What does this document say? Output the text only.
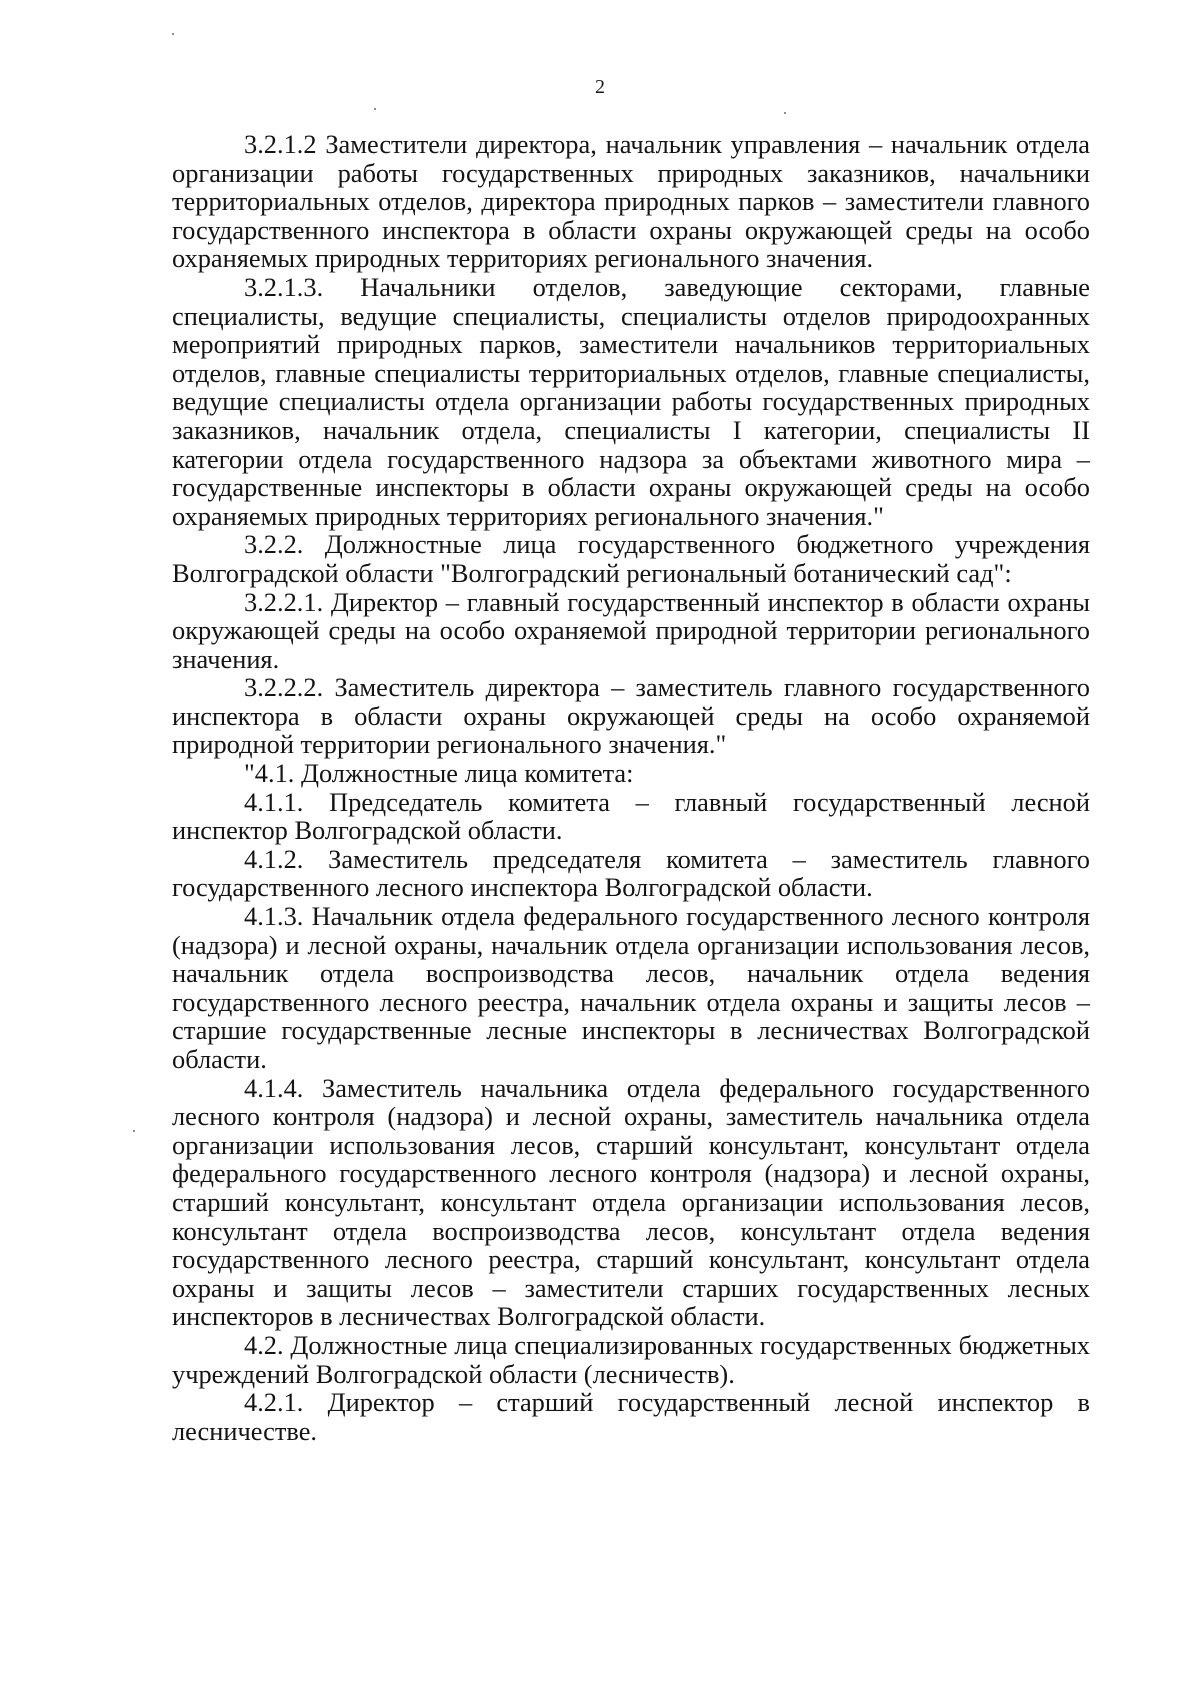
2

3.2.1.2 Заместители директора, начальник управления – начальник отдела организации работы государственных природных заказников, начальники территориальных отделов, директора природных парков – заместители главного государственного инспектора в области охраны окружающей среды на особо охраняемых природных территориях регионального значения.

3.2.1.3. Начальники отделов, заведующие секторами, главные специалисты, ведущие специалисты, специалисты отделов природоохранных мероприятий природных парков, заместители начальников территориальных отделов, главные специалисты территориальных отделов, главные специалисты, ведущие специалисты отдела организации работы государственных природных заказников, начальник отдела, специалисты I категории, специалисты II категории отдела государственного надзора за объектами животного мира – государственные инспекторы в области охраны окружающей среды на особо охраняемых природных территориях регионального значения."

3.2.2. Должностные лица государственного бюджетного учреждения Волгоградской области "Волгоградский региональный ботанический сад":

3.2.2.1. Директор – главный государственный инспектор в области охраны окружающей среды на особо охраняемой природной территории регионального значения.

3.2.2.2. Заместитель директора – заместитель главного государственного инспектора в области охраны окружающей среды на особо охраняемой природной территории регионального значения."

"4.1. Должностные лица комитета:

4.1.1. Председатель комитета – главный государственный лесной инспектор Волгоградской области.

4.1.2. Заместитель председателя комитета – заместитель главного государственного лесного инспектора Волгоградской области.

4.1.3. Начальник отдела федерального государственного лесного контроля (надзора) и лесной охраны, начальник отдела организации использования лесов, начальник отдела воспроизводства лесов, начальник отдела ведения государственного лесного реестра, начальник отдела охраны и защиты лесов – старшие государственные лесные инспекторы в лесничествах Волгоградской области.

4.1.4. Заместитель начальника отдела федерального государственного лесного контроля (надзора) и лесной охраны, заместитель начальника отдела организации использования лесов, старший консультант, консультант отдела федерального государственного лесного контроля (надзора) и лесной охраны, старший консультант, консультант отдела организации использования лесов, консультант отдела воспроизводства лесов, консультант отдела ведения государственного лесного реестра, старший консультант, консультант отдела охраны и защиты лесов – заместители старших государственных лесных инспекторов в лесничествах Волгоградской области.

4.2. Должностные лица специализированных государственных бюджетных учреждений Волгоградской области (лесничеств).

4.2.1. Директор – старший государственный лесной инспектор в лесничестве.
